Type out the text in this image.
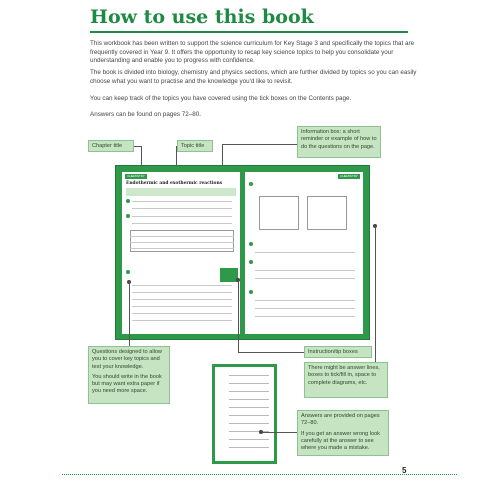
How to use this book

This workbook has been written to support the science curriculum for Key Stage 3 and specifically the topics that are frequently covered in Year 9. It offers the opportunity to recap key science topics to help you consolidate your understanding and enable you to progress with confidence.

The book is divided into biology, chemistry and physics sections, which are further divided by topics so you can easily choose what you want to practise and the knowledge you'd like to revisit.

You can keep track of the topics you have covered using the tick boxes on the Contents page.

Answers can be found on pages 72–80.

Chapter title	Topic title
Information box: a short reminder or example of how to do the questions on the page.
CHEMISTRY
Endothermic and exothermic reactions
CHEMISTRY

Questions designed to allow you to cover key topics and test your knowledge.

You should write in the book but may want extra paper if you need more space.

Instruction/tip boxes
There might be answer lines, boxes to tick/fill in, space to complete diagrams, etc.

Answers are provided on pages 72–80.

If you get an answer wrong look carefully at the answer to see where you made a mistake.

5
